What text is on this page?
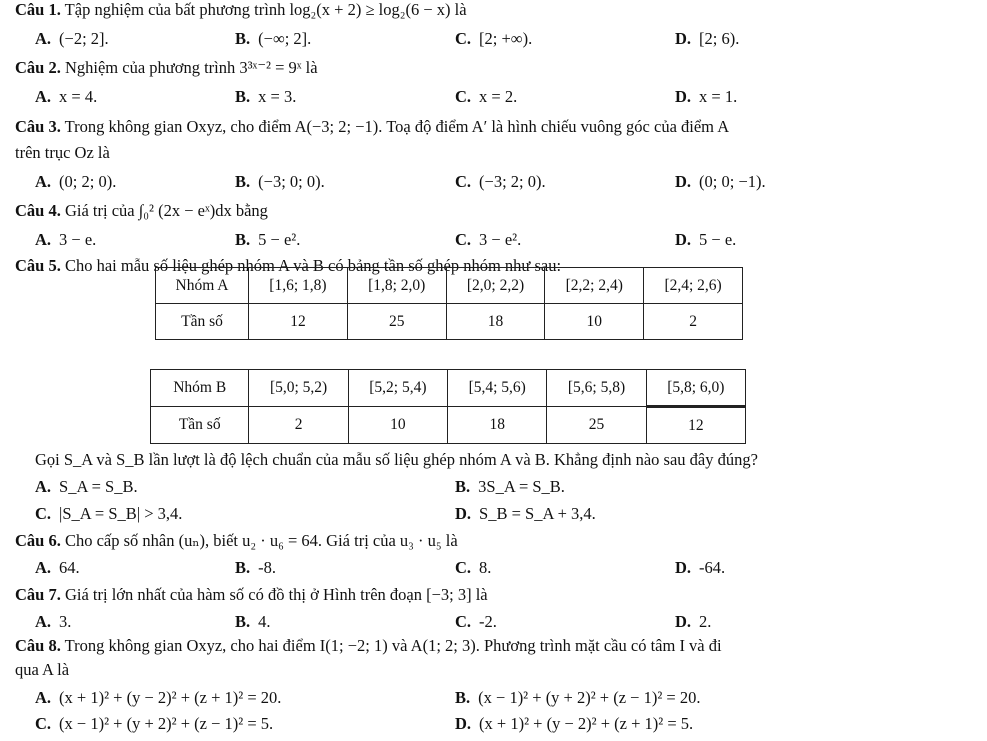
Câu 1. Tập nghiệm của bất phương trình log₂(x + 2) ≥ log₂(6 − x) là
A. (−2; 2].	B. (−∞; 2].	C. [2; +∞).	D. [2; 6).
Câu 2. Nghiệm của phương trình 3³ˣ⁻² = 9ˣ là
A. x = 4.	B. x = 3.	C. x = 2.	D. x = 1.
Câu 3. Trong không gian Oxyz, cho điểm A(−3; 2; −1). Toạ độ điểm A′ là hình chiếu vuông góc của điểm A
trên trục Oz là
A. (0; 2; 0).	B. (−3; 0; 0).	C. (−3; 2; 0).	D. (0; 0; −1).
Câu 4. Giá trị của ∫₀² (2x − eˣ)dx bằng
A. 3 − e.	B. 5 − e².	C. 3 − e².	D. 5 − e.
Câu 5. Cho hai mẫu số liệu ghép nhóm A và B có bảng tần số ghép nhóm như sau:
Nhóm A	[1,6; 1,8)	[1,8; 2,0)	[2,0; 2,2)	[2,2; 2,4)	[2,4; 2,6)
Tần số	12	25	18	10	2
Nhóm B	[5,0; 5,2)	[5,2; 5,4)	[5,4; 5,6)	[5,6; 5,8)	[5,8; 6,0)
Tần số	2	10	18	25	12
Gọi S_A và S_B lần lượt là độ lệch chuẩn của mẫu số liệu ghép nhóm A và B. Khẳng định nào sau đây đúng?
A. S_A = S_B.	B. 3S_A = S_B.
C. |S_A = S_B| > 3,4.	D. S_B = S_A + 3,4.
Câu 6. Cho cấp số nhân (uₙ), biết u₂ · u₆ = 64. Giá trị của u₃ · u₅ là
A. 64.	B. -8.	C. 8.	D. -64.
Câu 7. Giá trị lớn nhất của hàm số có đồ thị ở Hình trên đoạn [−3; 3] là
A. 3.	B. 4.	C. -2.	D. 2.
Câu 8. Trong không gian Oxyz, cho hai điểm I(1; −2; 1) và A(1; 2; 3). Phương trình mặt cầu có tâm I và đi
qua A là
A. (x + 1)² + (y − 2)² + (z + 1)² = 20.	B. (x − 1)² + (y + 2)² + (z − 1)² = 20.
C. (x − 1)² + (y + 2)² + (z − 1)² = 5.	D. (x + 1)² + (y − 2)² + (z + 1)² = 5.
